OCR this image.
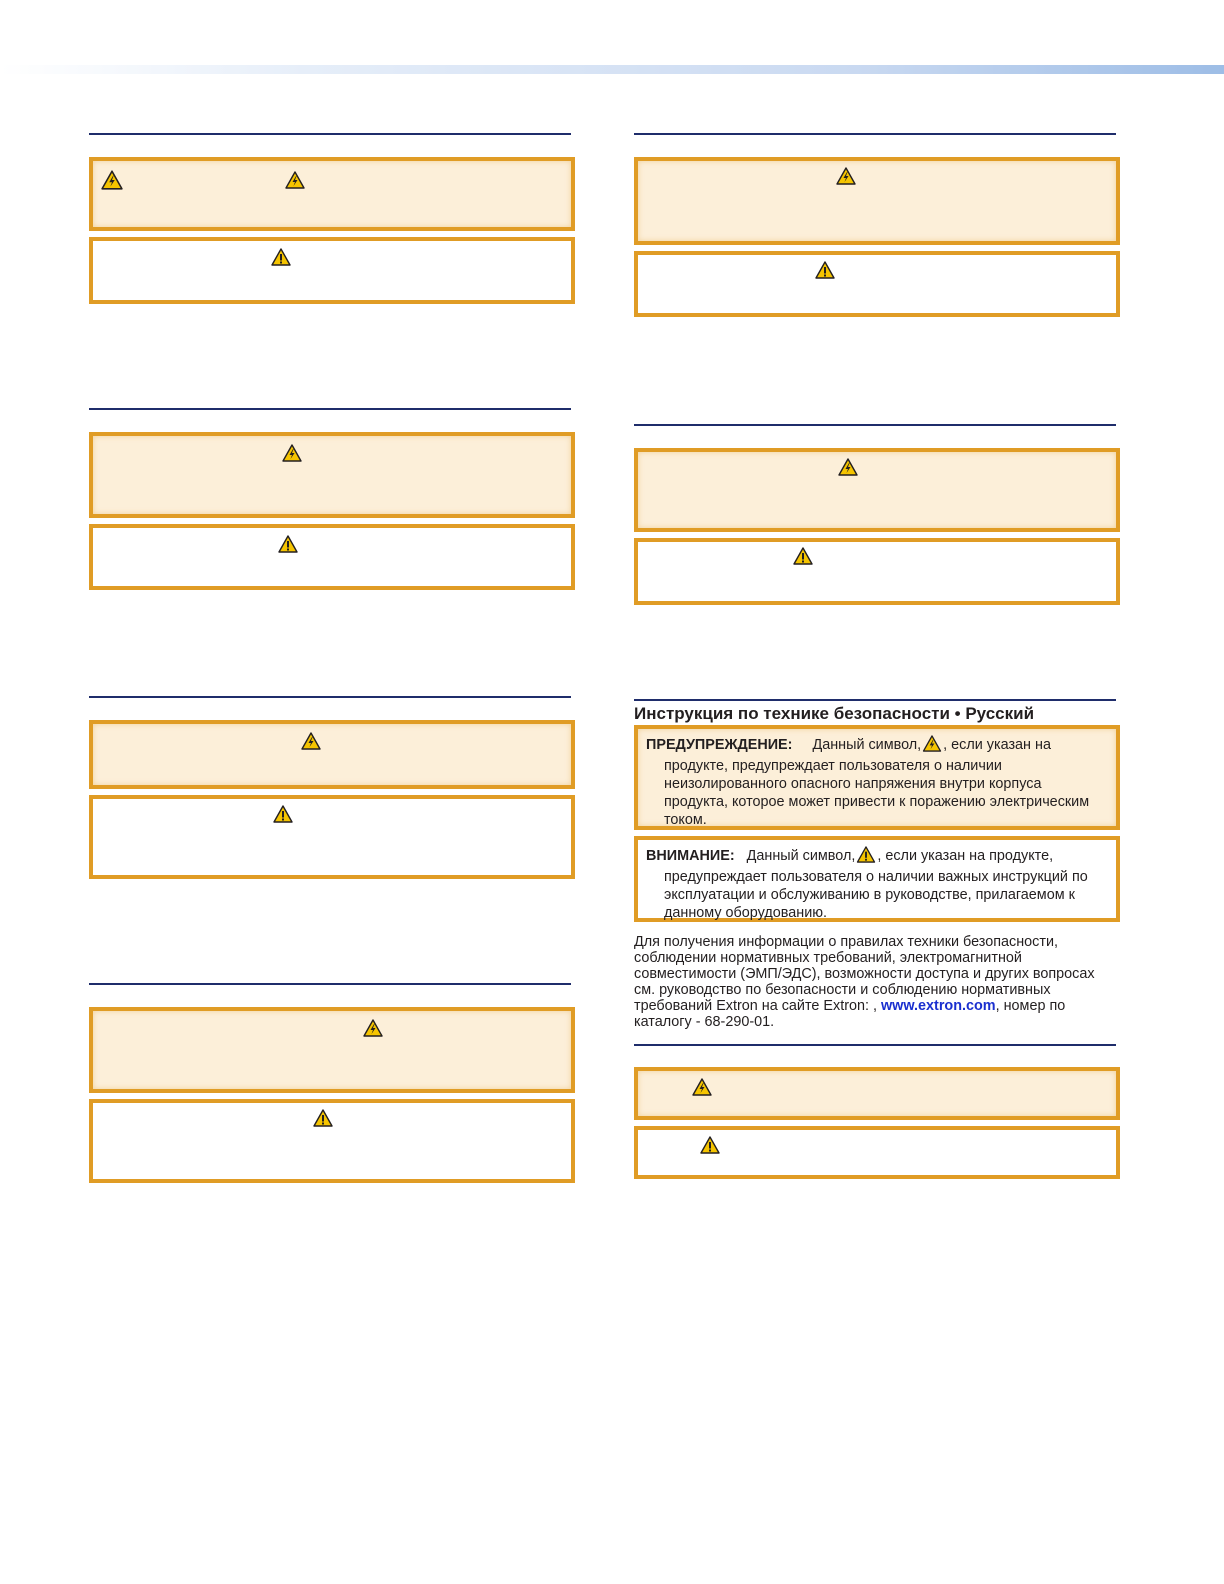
Инструкция по технике безопасности • Русский
ПРЕДУПРЕЖДЕНИЕ: Данный символ, , если указан на продукте, предупреждает пользователя о наличии неизолированного опасного напряжения внутри корпуса продукта, которое может привести к поражению электрическим током.
ВНИМАНИЕ: Данный символ, , если указан на продукте, предупреждает пользователя о наличии важных инструкций по эксплуатации и обслуживанию в руководстве, прилагаемом к данному оборудованию.
Для получения информации о правилах техники безопасности, соблюдении нормативных требований, электромагнитной совместимости (ЭМП/ЭДС), возможности доступа и других вопросах см. руководство по безопасности и соблюдению нормативных требований Extron на сайте Extron: , www.extron.com, номер по каталогу - 68-290-01.
